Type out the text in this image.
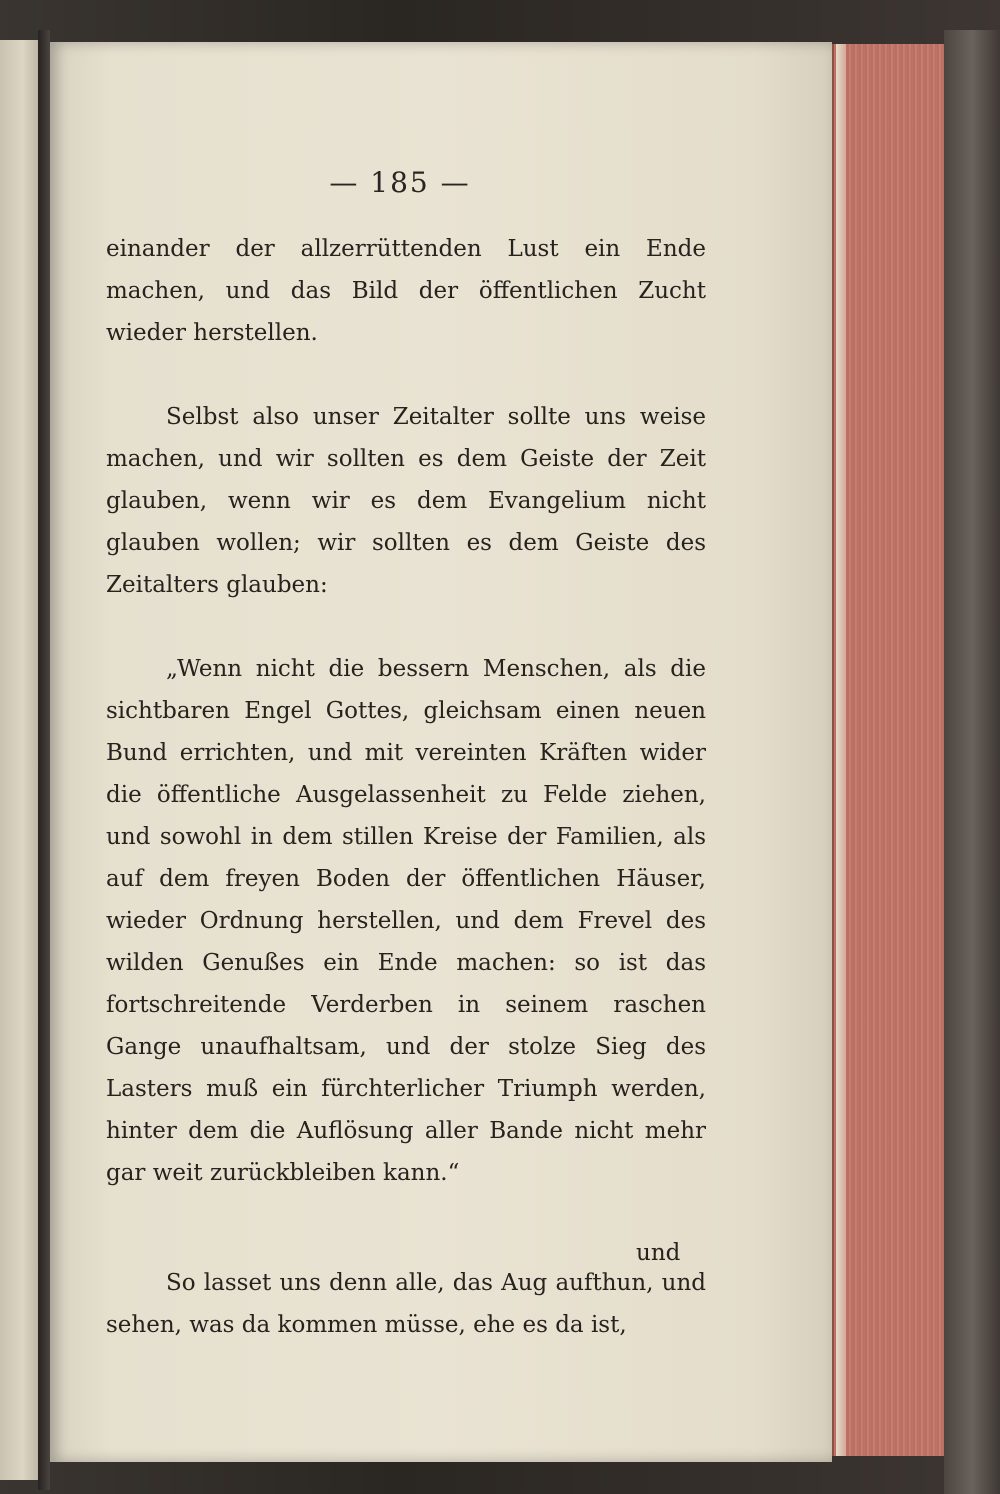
— 185 —

einander der allzerrüttenden Lust ein Ende machen, und das Bild der öffentlichen Zucht wieder herstellen.

Selbst also unser Zeitalter sollte uns weise machen, und wir sollten es dem Geiste der Zeit glauben, wenn wir es dem Evangelium nicht glauben wollen; wir sollten es dem Geiste des Zeitalters glauben:

„Wenn nicht die bessern Menschen, als die sichtbaren Engel Gottes, gleichsam einen neuen Bund errichten, und mit vereinten Kräften wider die öffentliche Ausgelassenheit zu Felde ziehen, und sowohl in dem stillen Kreise der Familien, als auf dem freyen Boden der öffentlichen Häuser, wieder Ordnung herstellen, und dem Frevel des wilden Genußes ein Ende machen: so ist das fortschreitende Verderben in seinem raschen Gange unaufhaltsam, und der stolze Sieg des Lasters muß ein fürchterlicher Triumph werden, hinter dem die Auflösung aller Bande nicht mehr gar weit zurückbleiben kann.“

So lasset uns denn alle, das Aug aufthun, und sehen, was da kommen müsse, ehe es da ist,

und
